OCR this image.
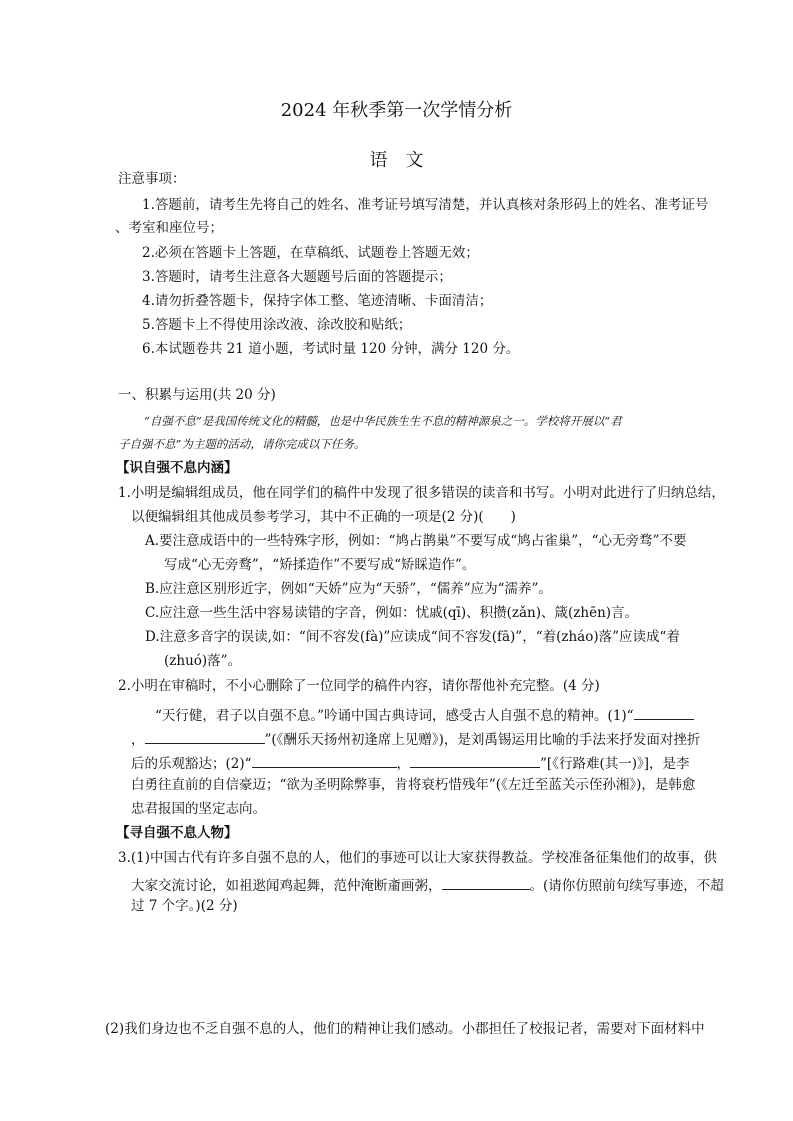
2024 年秋季第一次学情分析
语　文
注意事项：
1.答题前，请考生先将自己的姓名、准考证号填写清楚，并认真核对条形码上的姓名、准考证号
、考室和座位号；
2.必须在答题卡上答题，在草稿纸、试题卷上答题无效；
3.答题时，请考生注意各大题题号后面的答题提示；
4.请勿折叠答题卡，保持字体工整、笔迹清晰、卡面清洁；
5.答题卡上不得使用涂改液、涂改胶和贴纸；
6.本试题卷共 21 道小题，考试时量 120 分钟，满分 120 分。
一、积累与运用(共 20 分)
“自强不息”是我国传统文化的精髓，也是中华民族生生不息的精神源泉之一。学校将开展以“君
子自强不息”为主题的活动，请你完成以下任务。
【识自强不息内涵】
1.小明是编辑组成员，他在同学们的稿件中发现了很多错误的读音和书写。小明对此进行了归纳总结，
以便编辑组其他成员参考学习，其中不正确的一项是(2 分)(　　)
A.要注意成语中的一些特殊字形，例如：“鸠占鹊巢”不要写成“鸠占雀巢”，“心无旁骛”不要
写成“心无旁鹜”，“矫揉造作”不要写成“矫睬造作”。
B.应注意区别形近字，例如“天娇”应为“天骄”，“儒养”应为“濡养”。
C.应注意一些生活中容易读错的字音，例如：忧戚(qī)、积攒(zǎn)、箴(zhēn)言。
D.注意多音字的误读,如：“间不容发(fà)”应读成“间不容发(fā)”，“着(zháo)落”应读成“着
(zhuó)落”。
2.小明在审稿时，不小心删除了一位同学的稿件内容，请你帮他补充完整。(4 分)
“天行健，君子以自强不息。”吟诵中国古典诗词，感受古人自强不息的精神。(1)“
，	”(《酬乐天扬州初逢席上见赠》)，是刘禹锡运用比喻的手法来抒发面对挫折
后的乐观豁达；(2)“	，	”[《行路难(其一)》]，是李
白勇往直前的自信豪迈；“欲为圣明除弊事，肯将衰朽惜残年”(《左迁至蓝关示侄孙湘》)，是韩愈
忠君报国的坚定志向。
【寻自强不息人物】
3.(1)中国古代有许多自强不息的人，他们的事迹可以让大家获得教益。学校准备征集他们的故事，供
大家交流讨论，如祖逖闻鸡起舞，范仲淹断齑画粥，	。(请你仿照前句续写事迹，不超
过 7 个字。)(2 分)
(2)我们身边也不乏自强不息的人，他们的精神让我们感动。小郡担任了校报记者，需要对下面材料中
